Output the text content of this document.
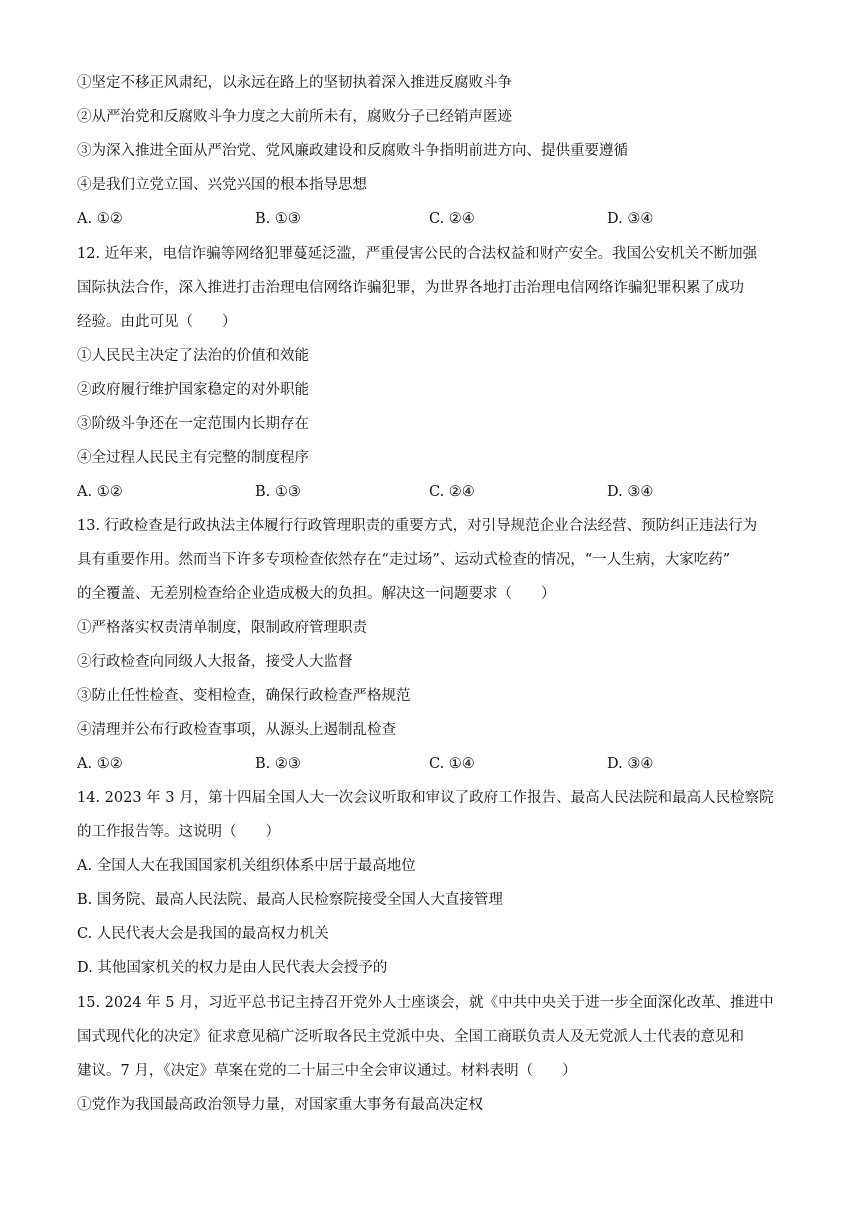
①坚定不移正风肃纪，以永远在路上的坚韧执着深入推进反腐败斗争
②从严治党和反腐败斗争力度之大前所未有，腐败分子已经销声匿迹
③为深入推进全面从严治党、党风廉政建设和反腐败斗争指明前进方向、提供重要遵循
④是我们立党立国、兴党兴国的根本指导思想
A. ①②	B. ①③	C. ②④	D. ③④
12. 近年来，电信诈骗等网络犯罪蔓延泛滥，严重侵害公民的合法权益和财产安全。我国公安机关不断加强
国际执法合作，深入推进打击治理电信网络诈骗犯罪，为世界各地打击治理电信网络诈骗犯罪积累了成功
经验。由此可见（　　）
①人民民主决定了法治的价值和效能
②政府履行维护国家稳定的对外职能
③阶级斗争还在一定范围内长期存在
④全过程人民民主有完整的制度程序
A. ①②	B. ①③	C. ②④	D. ③④
13. 行政检查是行政执法主体履行行政管理职责的重要方式，对引导规范企业合法经营、预防纠正违法行为
具有重要作用。然而当下许多专项检查依然存在“走过场”、运动式检查的情况，“一人生病，大家吃药”
的全覆盖、无差别检查给企业造成极大的负担。解决这一问题要求（　　）
①严格落实权责清单制度，限制政府管理职责
②行政检查向同级人大报备，接受人大监督
③防止任性检查、变相检查，确保行政检查严格规范
④清理并公布行政检查事项，从源头上遏制乱检查
A. ①②	B. ②③	C. ①④	D. ③④
14. 2023 年 3 月，第十四届全国人大一次会议听取和审议了政府工作报告、最高人民法院和最高人民检察院
的工作报告等。这说明（　　）
A. 全国人大在我国国家机关组织体系中居于最高地位
B. 国务院、最高人民法院、最高人民检察院接受全国人大直接管理
C. 人民代表大会是我国的最高权力机关
D. 其他国家机关的权力是由人民代表大会授予的
15. 2024 年 5 月，习近平总书记主持召开党外人士座谈会，就《中共中央关于进一步全面深化改革、推进中
国式现代化的决定》征求意见稿广泛听取各民主党派中央、全国工商联负责人及无党派人士代表的意见和
建议。7 月，《决定》草案在党的二十届三中全会审议通过。材料表明（　　）
①党作为我国最高政治领导力量，对国家重大事务有最高决定权
